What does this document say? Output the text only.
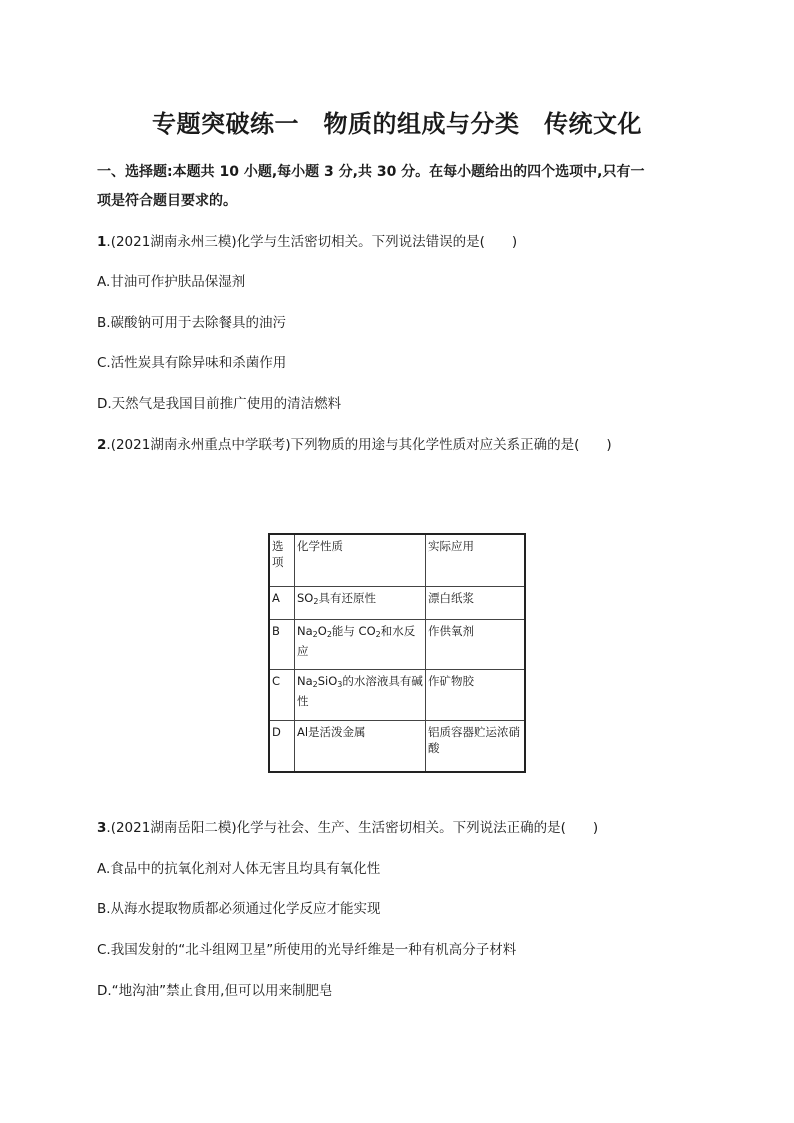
专题突破练一　物质的组成与分类　传统文化
一、选择题:本题共 10 小题,每小题 3 分,共 30 分。在每小题给出的四个选项中,只有一
项是符合题目要求的。
1.(2021湖南永州三模)化学与生活密切相关。下列说法错误的是(　　)
A.甘油可作护肤品保湿剂
B.碳酸钠可用于去除餐具的油污
C.活性炭具有除异味和杀菌作用
D.天然气是我国目前推广使用的清洁燃料
2.(2021湖南永州重点中学联考)下列物质的用途与其化学性质对应关系正确的是(　　)
选项	化学性质	实际应用
A	$SO_2$具有还原性	漂白纸浆
B	$Na_2O_2$能与 $CO_2$和水反应	作供氧剂
C	$Na_2SiO_3$的水溶液具有碱性	作矿物胶
D	Al是活泼金属	铝质容器贮运浓硝酸
3.(2021湖南岳阳二模)化学与社会、生产、生活密切相关。下列说法正确的是(　　)
A.食品中的抗氧化剂对人体无害且均具有氧化性
B.从海水提取物质都必须通过化学反应才能实现
C.我国发射的“北斗组网卫星”所使用的光导纤维是一种有机高分子材料
D.“地沟油”禁止食用,但可以用来制肥皂
